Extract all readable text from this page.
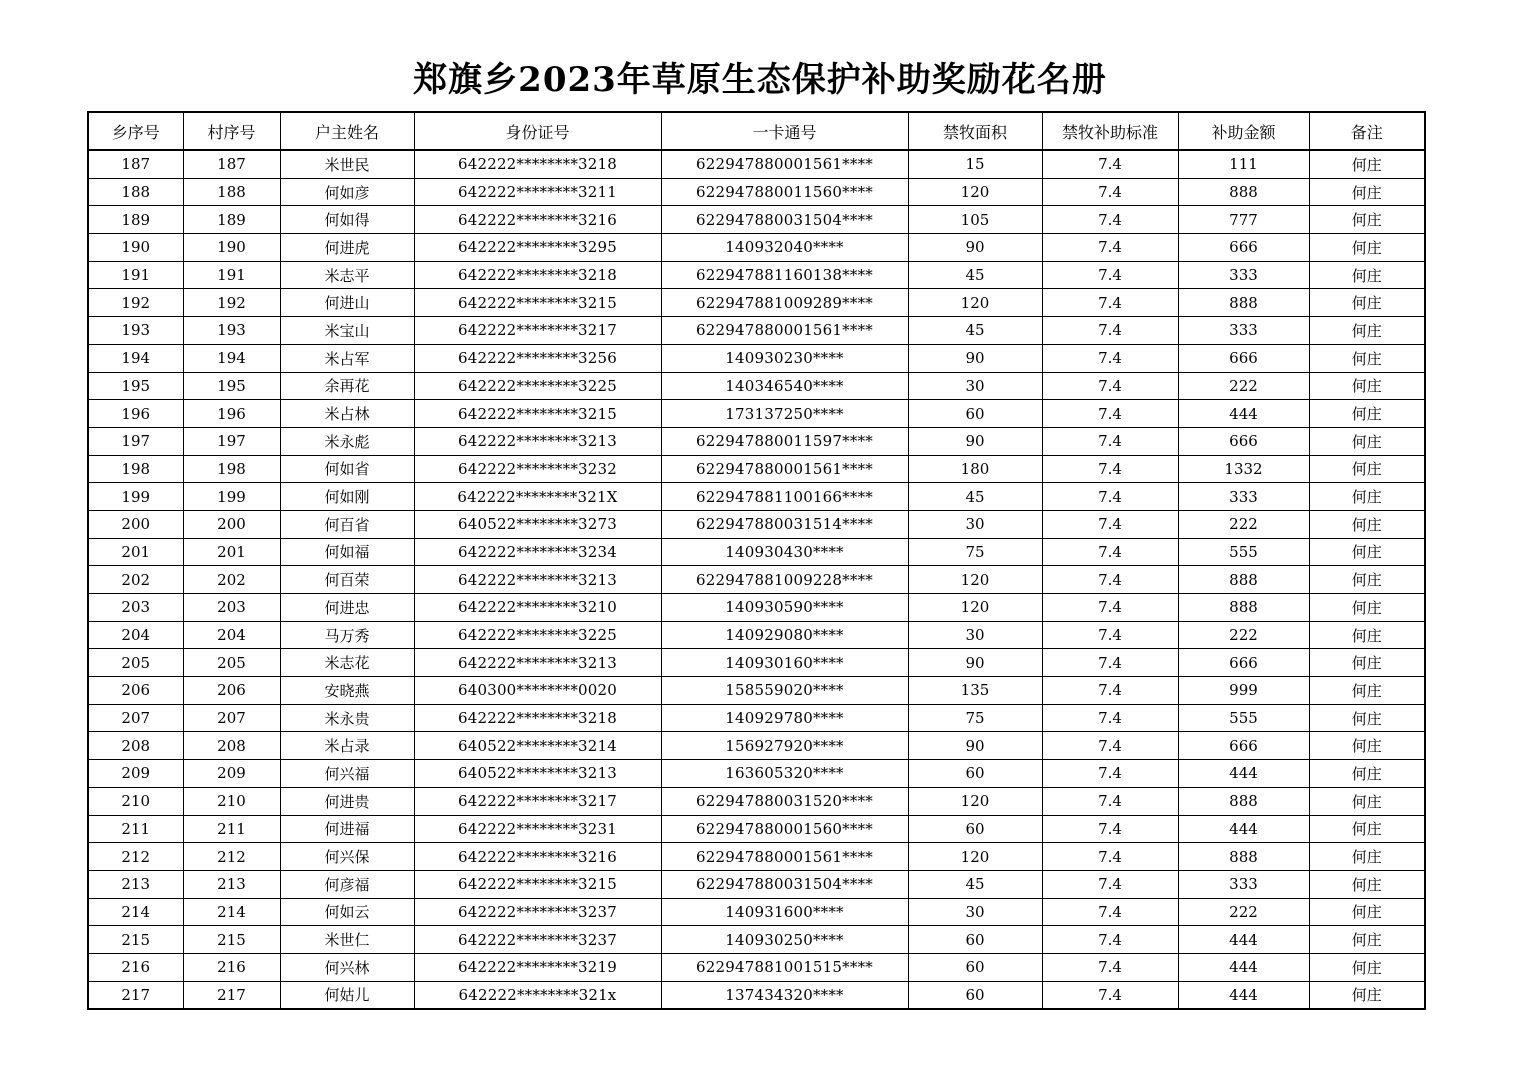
郑旗乡2023年草原生态保护补助奖励花名册
乡序号	村序号	户主姓名	身份证号	一卡通号	禁牧面积	禁牧补助标准	补助金额	备注
187	187	米世民	642222********3218	622947880001561****	15	7.4	111	何庄
188	188	何如彦	642222********3211	622947880011560****	120	7.4	888	何庄
189	189	何如得	642222********3216	622947880031504****	105	7.4	777	何庄
190	190	何进虎	642222********3295	140932040****	90	7.4	666	何庄
191	191	米志平	642222********3218	622947881160138****	45	7.4	333	何庄
192	192	何进山	642222********3215	622947881009289****	120	7.4	888	何庄
193	193	米宝山	642222********3217	622947880001561****	45	7.4	333	何庄
194	194	米占军	642222********3256	140930230****	90	7.4	666	何庄
195	195	余再花	642222********3225	140346540****	30	7.4	222	何庄
196	196	米占林	642222********3215	173137250****	60	7.4	444	何庄
197	197	米永彪	642222********3213	622947880011597****	90	7.4	666	何庄
198	198	何如省	642222********3232	622947880001561****	180	7.4	1332	何庄
199	199	何如刚	642222********321X	622947881100166****	45	7.4	333	何庄
200	200	何百省	640522********3273	622947880031514****	30	7.4	222	何庄
201	201	何如福	642222********3234	140930430****	75	7.4	555	何庄
202	202	何百荣	642222********3213	622947881009228****	120	7.4	888	何庄
203	203	何进忠	642222********3210	140930590****	120	7.4	888	何庄
204	204	马万秀	642222********3225	140929080****	30	7.4	222	何庄
205	205	米志花	642222********3213	140930160****	90	7.4	666	何庄
206	206	安晓燕	640300********0020	158559020****	135	7.4	999	何庄
207	207	米永贵	642222********3218	140929780****	75	7.4	555	何庄
208	208	米占录	640522********3214	156927920****	90	7.4	666	何庄
209	209	何兴福	640522********3213	163605320****	60	7.4	444	何庄
210	210	何进贵	642222********3217	622947880031520****	120	7.4	888	何庄
211	211	何进福	642222********3231	622947880001560****	60	7.4	444	何庄
212	212	何兴保	642222********3216	622947880001561****	120	7.4	888	何庄
213	213	何彦福	642222********3215	622947880031504****	45	7.4	333	何庄
214	214	何如云	642222********3237	140931600****	30	7.4	222	何庄
215	215	米世仁	642222********3237	140930250****	60	7.4	444	何庄
216	216	何兴林	642222********3219	622947881001515****	60	7.4	444	何庄
217	217	何姑儿	642222********321x	137434320****	60	7.4	444	何庄
